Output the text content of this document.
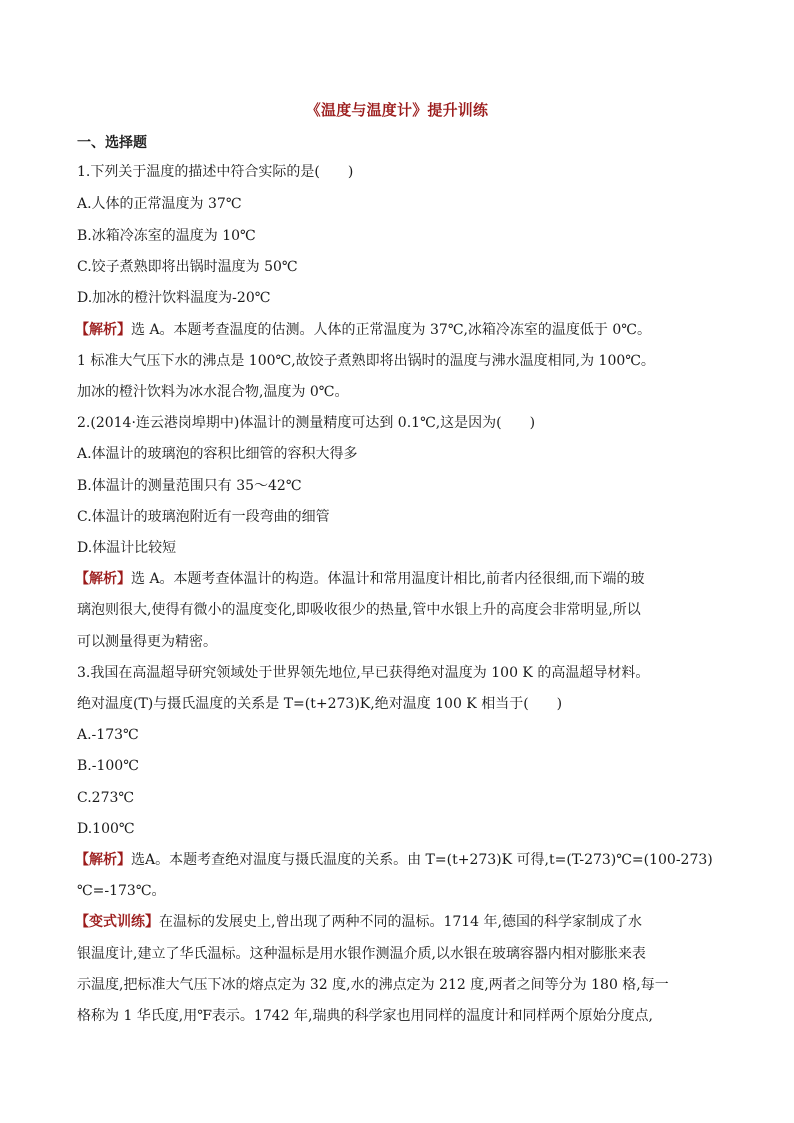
《温度与温度计》提升训练
一、选择题
1.下列关于温度的描述中符合实际的是(　　)
A.人体的正常温度为 37℃
B.冰箱冷冻室的温度为 10℃
C.饺子煮熟即将出锅时温度为 50℃
D.加冰的橙汁饮料温度为-20℃
【解析】选 A。本题考查温度的估测。人体的正常温度为 37℃,冰箱冷冻室的温度低于 0℃。
1 标准大气压下水的沸点是 100℃,故饺子煮熟即将出锅时的温度与沸水温度相同,为 100℃。
加冰的橙汁饮料为冰水混合物,温度为 0℃。
2.(2014·连云港岗埠期中)体温计的测量精度可达到 0.1℃,这是因为(　　)
A.体温计的玻璃泡的容积比细管的容积大得多
B.体温计的测量范围只有 35～42℃
C.体温计的玻璃泡附近有一段弯曲的细管
D.体温计比较短
【解析】选 A。本题考查体温计的构造。体温计和常用温度计相比,前者内径很细,而下端的玻
璃泡则很大,使得有微小的温度变化,即吸收很少的热量,管中水银上升的高度会非常明显,所以
可以测量得更为精密。
3.我国在高温超导研究领域处于世界领先地位,早已获得绝对温度为 100 K 的高温超导材料。
绝对温度(T)与摄氏温度的关系是 T=(t+273)K,绝对温度 100 K 相当于(　　)
A.-173℃
B.-100℃
C.273℃
D.100℃
【解析】选A。本题考查绝对温度与摄氏温度的关系。由 T=(t+273)K 可得,t=(T-273)℃=(100-273)
℃=-173℃。
【变式训练】在温标的发展史上,曾出现了两种不同的温标。1714 年,德国的科学家制成了水
银温度计,建立了华氏温标。这种温标是用水银作测温介质,以水银在玻璃容器内相对膨胀来表
示温度,把标准大气压下冰的熔点定为 32 度,水的沸点定为 212 度,两者之间等分为 180 格,每一
格称为 1 华氏度,用℉表示。1742 年,瑞典的科学家也用同样的温度计和同样两个原始分度点,
